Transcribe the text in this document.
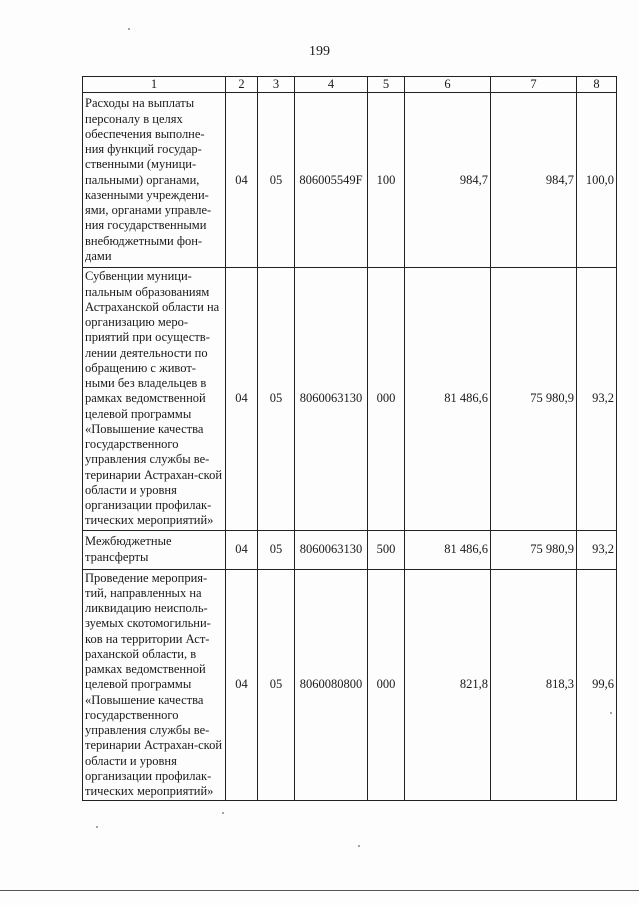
199
1	2	3	4	5	6	7	8
Расходы на выплаты персоналу в целях обеспечения выполне-ния функций государ-ственными (муници-пальными) органами, казенными учреждени-ями, органами управле-ния государственными внебюджетными фон-дами	04	05	806005549F	100	984,7	984,7	100,0
Субвенции муници-пальным образованиям Астраханской области на организацию меро-приятий при осуществ-лении деятельности по обращению с живот-ными без владельцев в рамках ведомственной целевой программы «Повышение качества государственного управления службы ве-теринарии Астрахан-ской области и уровня организации профилак-тических мероприятий»	04	05	8060063130	000	81 486,6	75 980,9	93,2
Межбюджетные трансферты	04	05	8060063130	500	81 486,6	75 980,9	93,2
Проведение мероприя-тий, направленных на ликвидацию неисполь-зуемых скотомогильни-ков на территории Аст-раханской области, в рамках ведомственной целевой программы «Повышение качества государственного управления службы ве-теринарии Астрахан-ской области и уровня организации профилак-тических мероприятий»	04	05	8060080800	000	821,8	818,3	99,6
